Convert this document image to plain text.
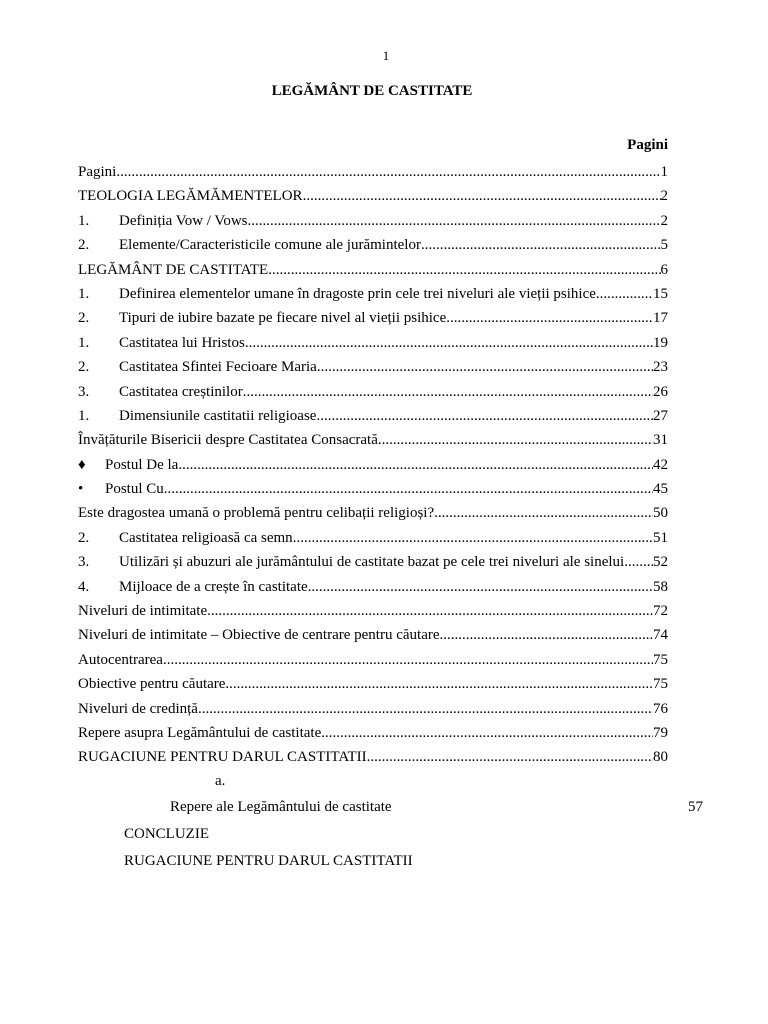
1
LEGĂMÂNT DE CASTITATE
Pagini
Pagini .....	1
TEOLOGIA LEGĂMĂMENTELOR .....	2
1.	Definiția Vow / Vows .....	2
2.	Elemente/Caracteristicile comune ale jurămintelor .....	5
LEGĂMÂNT DE CASTITATE .....	6
1.	Definirea elementelor umane în dragoste prin cele trei niveluri ale vieții psihice .....	15
2.	Tipuri de iubire bazate pe fiecare nivel al vieții psihice .....	17
1.	Castitatea lui Hristos .....	19
2.	Castitatea Sfintei Fecioare Maria .....	23
3.	Castitatea creștinilor .....	26
1.	Dimensiunile castitatii religioase .....	27
Învățăturile Bisericii despre Castitatea Consacrată .....	31
♦	Postul De la .....	42
•	Postul Cu .....	45
Este dragostea umană o problemă pentru celibații religioși? .....	50
2.	Castitatea religioasă ca semn .....	51
3.	Utilizări și abuzuri ale jurământului de castitate bazat pe cele trei niveluri ale sinelui ..... 52
4.	Mijloace de a crește în castitate .....	58
Niveluri de intimitate .....	72
Niveluri de intimitate – Obiective de centrare pentru căutare .....	74
Autocentrarea .....	75
Obiective pentru căutare .....	75
Niveluri de credință .....	76
Repere asupra Legământului de castitate .....	79
RUGACIUNE PENTRU DARUL CASTITATII .....	80
a.
Repere ale Legământului de castitate	57
CONCLUZIE
RUGACIUNE PENTRU DARUL CASTITATII
